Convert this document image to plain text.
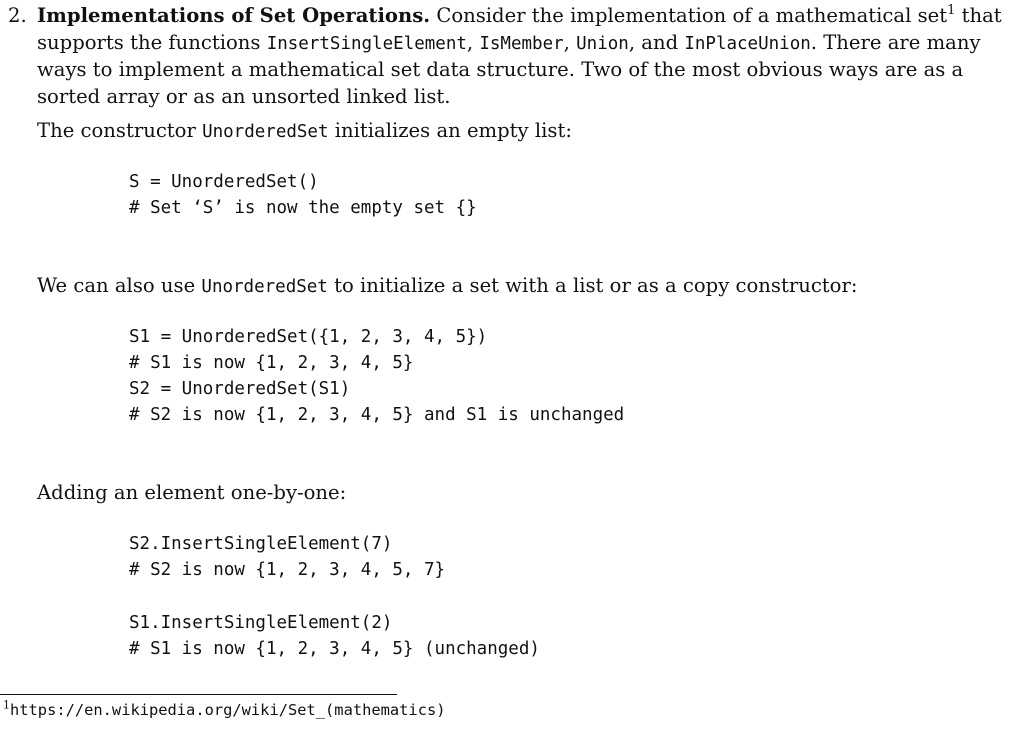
2. Implementations of Set Operations. Consider the implementation of a mathematical set$^1$ that supports the functions InsertSingleElement, IsMember, Union, and InPlaceUnion. There are many ways to implement a mathematical set data structure. Two of the most obvious ways are as a sorted array or as an unsorted linked list.
The constructor UnorderedSet initializes an empty list:
S = UnorderedSet()
# Set ‘S’ is now the empty set {}
We can also use UnorderedSet to initialize a set with a list or as a copy constructor:
S1 = UnorderedSet({1, 2, 3, 4, 5})
# S1 is now {1, 2, 3, 4, 5}
S2 = UnorderedSet(S1)
# S2 is now {1, 2, 3, 4, 5} and S1 is unchanged
Adding an element one-by-one:
S2.InsertSingleElement(7)
# S2 is now {1, 2, 3, 4, 5, 7}
S1.InsertSingleElement(2)
# S1 is now {1, 2, 3, 4, 5} (unchanged)
$^1$https://en.wikipedia.org/wiki/Set_(mathematics)
